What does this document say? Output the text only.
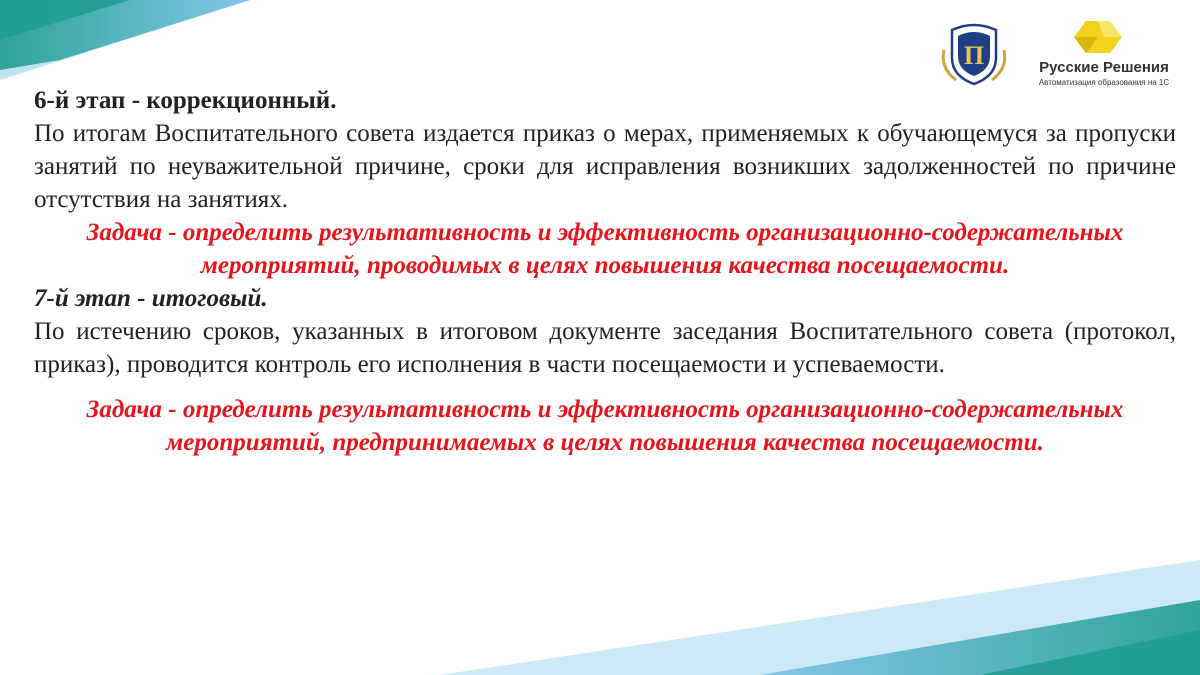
П	Русские Решения
Автоматизация образования на 1С

6-й этап - коррекционный.

По итогам Воспитательного совета издается приказ о мерах, применяемых к обучающемуся за пропуски занятий по неуважительной причине, сроки для исправления возникших задолженностей по причине отсутствия на занятиях.

Задача - определить результативность и эффективность организационно-содержательных мероприятий, проводимых в целях повышения качества посещаемости.

7-й этап - итоговый.

По истечению сроков, указанных в итоговом документе заседания Воспитательного совета (протокол, приказ), проводится контроль его исполнения в части посещаемости и успеваемости.

Задача - определить результативность и эффективность организационно-содержательных мероприятий, предпринимаемых в целях повышения качества посещаемости.
